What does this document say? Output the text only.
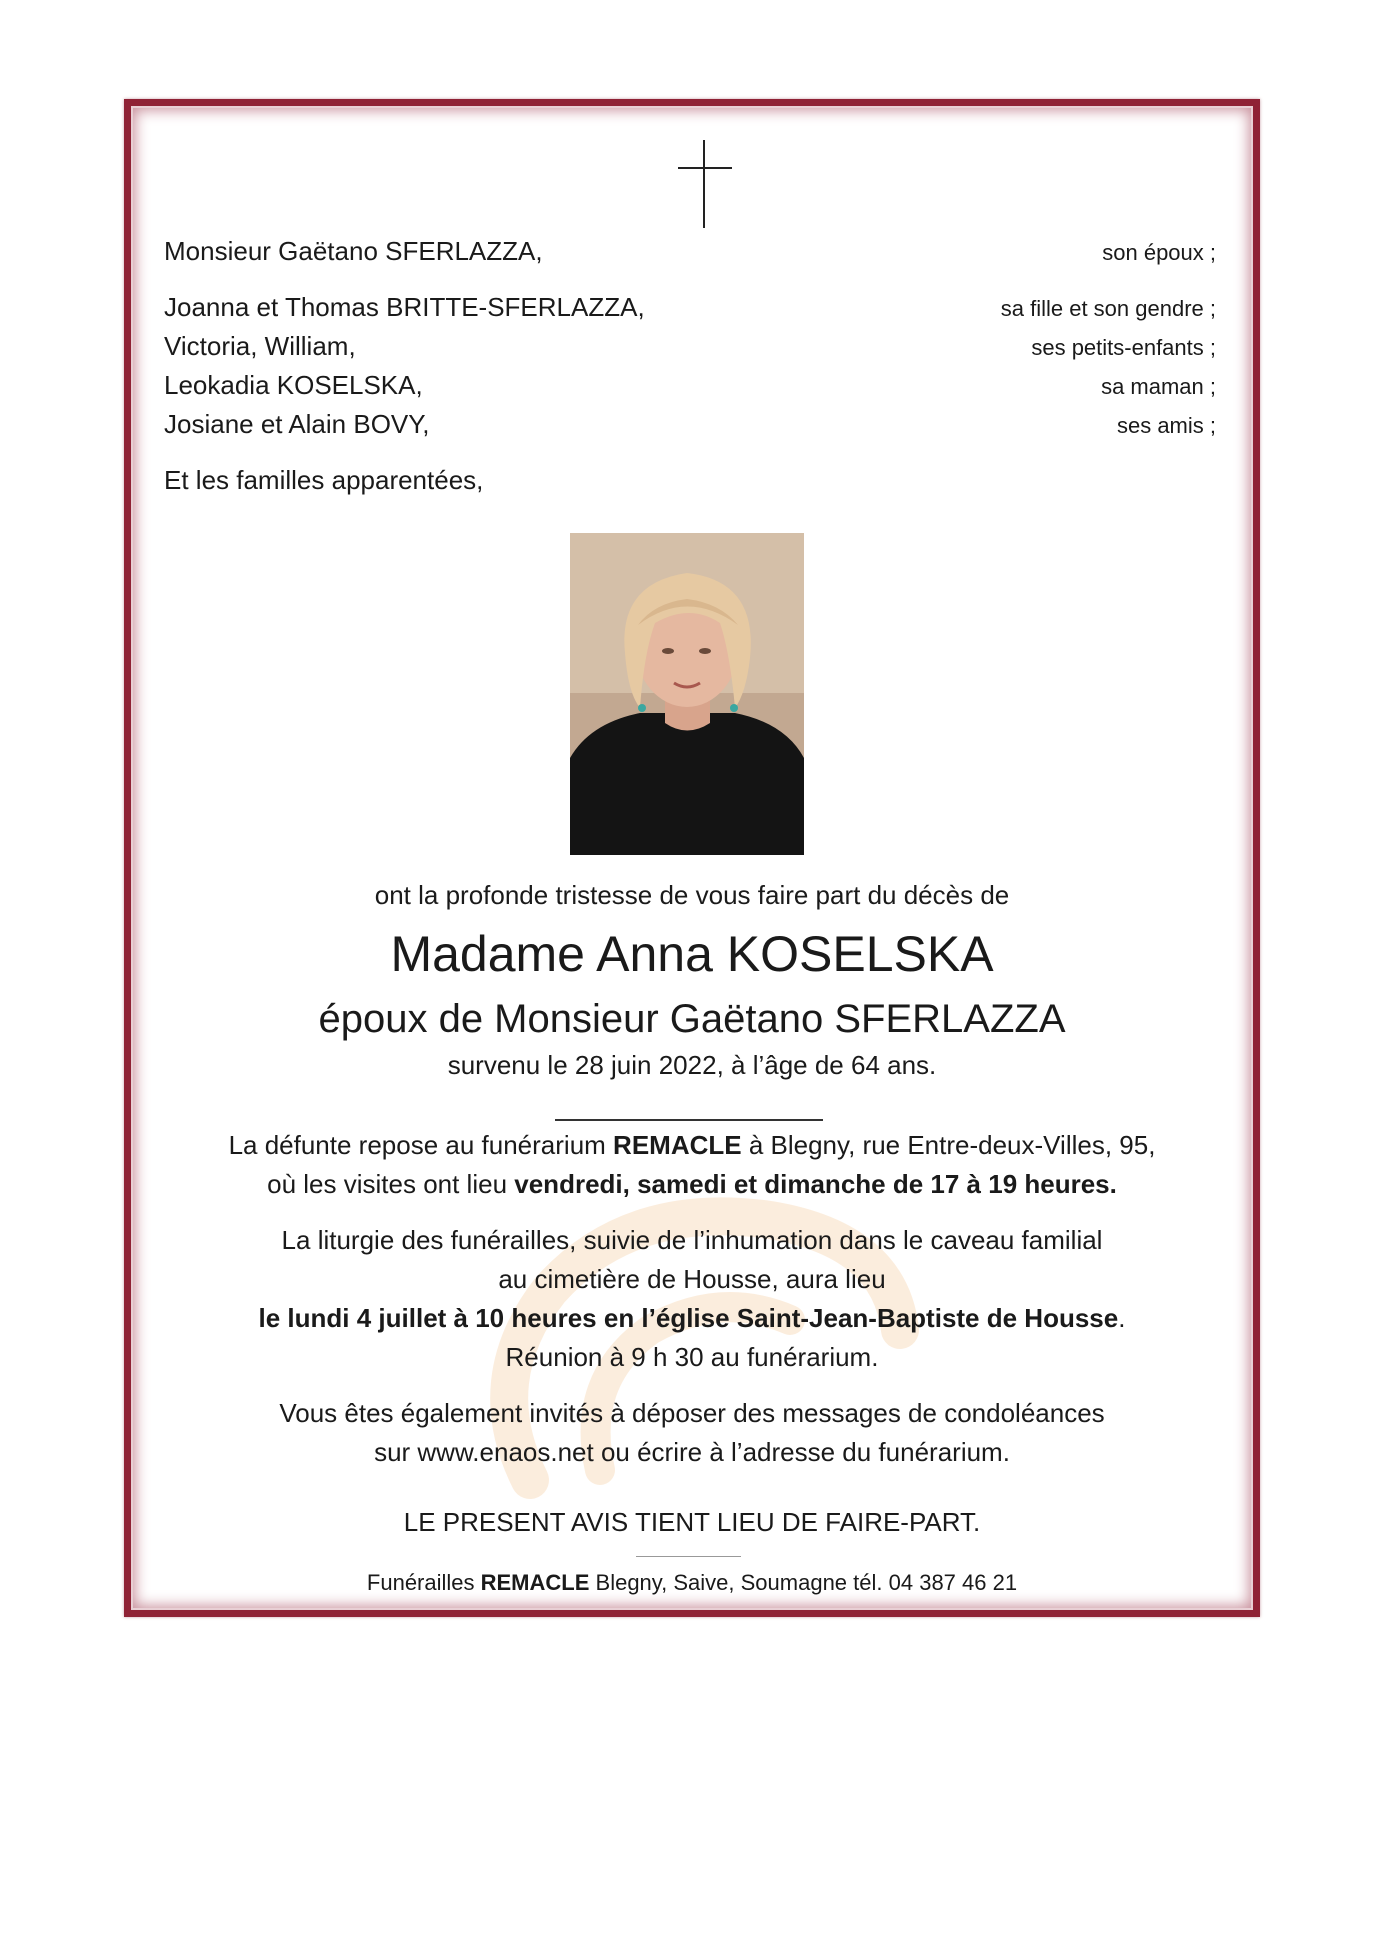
Monsieur Gaëtano SFERLAZZA,	son époux ;
Joanna et Thomas BRITTE-SFERLAZZA,	sa fille et son gendre ;
Victoria, William,	ses petits-enfants ;
Leokadia KOSELSKA,	sa maman ;
Josiane et Alain BOVY,	ses amis ;
Et les familles apparentées,
ont la profonde tristesse de vous faire part du décès de
Madame Anna KOSELSKA
époux de Monsieur Gaëtano SFERLAZZA
survenu le 28 juin 2022, à l’âge de 64 ans.
La défunte repose au funérarium REMACLE à Blegny, rue Entre-deux-Villes, 95,
où les visites ont lieu vendredi, samedi et dimanche de 17 à 19 heures.
La liturgie des funérailles, suivie de l’inhumation dans le caveau familial
au cimetière de Housse, aura lieu
le lundi 4 juillet à 10 heures en l’église Saint-Jean-Baptiste de Housse.
Réunion à 9 h 30 au funérarium.
Vous êtes également invités à déposer des messages de condoléances
sur www.enaos.net ou écrire à l’adresse du funérarium.
LE PRESENT AVIS TIENT LIEU DE FAIRE-PART.
Funérailles REMACLE Blegny, Saive, Soumagne tél. 04 387 46 21
